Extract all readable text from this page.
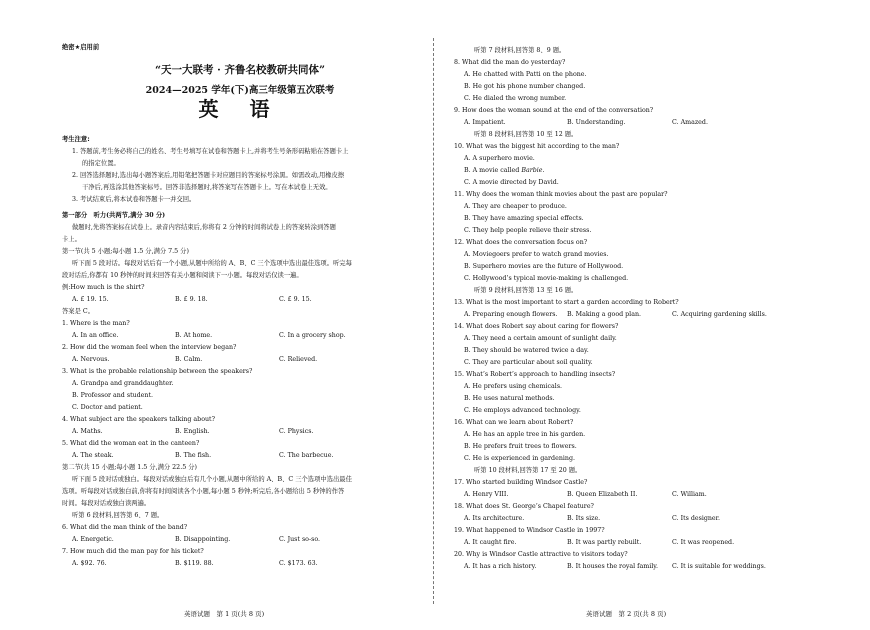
绝密★启用前
“天一大联考 · 齐鲁名校教研共同体”
2024—2025 学年(下)高三年级第五次联考
英 语
考生注意:
1. 答题前,考生务必将自己的姓名、考生号填写在试卷和答题卡上,并将考生号条形码粘贴在答题卡上
的指定位置。
2. 回答选择题时,选出每小题答案后,用铅笔把答题卡对应题目的答案标号涂黑。如需改动,用橡皮擦
干净后,再选涂其他答案标号。回答非选择题时,将答案写在答题卡上。写在本试卷上无效。
3. 考试结束后,将本试卷和答题卡一并交回。
第一部分　听力(共两节,满分 30 分)
做题时,先将答案标在试卷上。录音内容结束后,你将有 2 分钟的时间将试卷上的答案转涂到答题
卡上。
第一节(共 5 小题;每小题 1.5 分,满分 7.5 分)
听下面 5 段对话。每段对话后有一个小题,从题中所给的 A、B、C 三个选项中选出最佳选项。听完每
段对话后,你都有 10 秒钟的时间来回答有关小题和阅读下一小题。每段对话仅读一遍。
例:How much is the shirt?
A. £ 19. 15.	B. £ 9. 18.	C. £ 9. 15.
答案是 C。
1. Where is the man?
A. In an office.	B. At home.	C. In a grocery shop.
2. How did the woman feel when the interview began?
A. Nervous.	B. Calm.	C. Relieved.
3. What is the probable relationship between the speakers?
A. Grandpa and granddaughter.
B. Professor and student.
C. Doctor and patient.
4. What subject are the speakers talking about?
A. Maths.	B. English.	C. Physics.
5. What did the woman eat in the canteen?
A. The steak.	B. The fish.	C. The barbecue.
第二节(共 15 小题;每小题 1.5 分,满分 22.5 分)
听下面 5 段对话或独白。每段对话或独白后有几个小题,从题中所给的 A、B、C 三个选项中选出最佳
选项。听每段对话或独白前,你将有时间阅读各个小题,每小题 5 秒钟;听完后,各小题给出 5 秒钟的作答
时间。每段对话或独白读两遍。
听第 6 段材料,回答第 6、7 题。
6. What did the man think of the band?
A. Energetic.	B. Disappointing.	C. Just so-so.
7. How much did the man pay for his ticket?
A. $92. 76.	B. $119. 88.	C. $173. 63.
英语试题　第 1 页(共 8 页)
听第 7 段材料,回答第 8、9 题。
8. What did the man do yesterday?
A. He chatted with Patti on the phone.
B. He got his phone number changed.
C. He dialed the wrong number.
9. How does the woman sound at the end of the conversation?
A. Impatient.	B. Understanding.	C. Amazed.
听第 8 段材料,回答第 10 至 12 题。
10. What was the biggest hit according to the man?
A. A superhero movie.
B. A movie called Barbie.
C. A movie directed by David.
11. Why does the woman think movies about the past are popular?
A. They are cheaper to produce.
B. They have amazing special effects.
C. They help people relieve their stress.
12. What does the conversation focus on?
A. Moviegoers prefer to watch grand movies.
B. Superhero movies are the future of Hollywood.
C. Hollywood’s typical movie-making is challenged.
听第 9 段材料,回答第 13 至 16 题。
13. What is the most important to start a garden according to Robert?
A. Preparing enough flowers.	B. Making a good plan.	C. Acquiring gardening skills.
14. What does Robert say about caring for flowers?
A. They need a certain amount of sunlight daily.
B. They should be watered twice a day.
C. They are particular about soil quality.
15. What’s Robert’s approach to handling insects?
A. He prefers using chemicals.
B. He uses natural methods.
C. He employs advanced technology.
16. What can we learn about Robert?
A. He has an apple tree in his garden.
B. He prefers fruit trees to flowers.
C. He is experienced in gardening.
听第 10 段材料,回答第 17 至 20 题。
17. Who started building Windsor Castle?
A. Henry VIII.	B. Queen Elizabeth II.	C. William.
18. What does St. George’s Chapel feature?
A. Its architecture.	B. Its size.	C. Its designer.
19. What happened to Windsor Castle in 1997?
A. It caught fire.	B. It was partly rebuilt.	C. It was reopened.
20. Why is Windsor Castle attractive to visitors today?
A. It has a rich history.	B. It houses the royal family.	C. It is suitable for weddings.
英语试题　第 2 页(共 8 页)
